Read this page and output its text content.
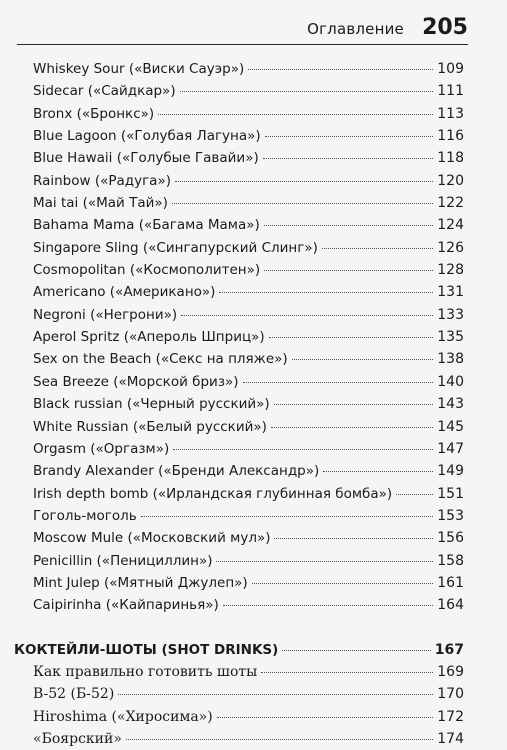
Оглавление 205
Whiskey Sour («Виски Сауэр»)	109
Sidecar («Сайдкар»)	111
Bronx («Бронкс»)	113
Blue Lagoon («Голубая Лагуна»)	116
Blue Hawaii («Голубые Гавайи»)	118
Rainbow («Радуга»)	120
Mai tai («Май Тай»)	122
Bahama Mama («Багама Мама»)	124
Singapore Sling («Сингапурский Слинг»)	126
Cosmopolitan («Космополитен»)	128
Americano («Американо»)	131
Negroni («Негрони»)	133
Aperol Spritz («Апероль Шприц»)	135
Sex on the Beach («Секс на пляже»)	138
Sea Breeze («Морской бриз»)	140
Black russian («Черный русский»)	143
White Russian («Белый русский»)	145
Orgasm («Оргазм»)	147
Brandy Alexander («Бренди Александр»)	149
Irish depth bomb («Ирландская глубинная бомба»)	151
Гоголь-моголь	153
Moscow Mule («Московский мул»)	156
Penicillin («Пенициллин»)	158
Mint Julep («Мятный Джулеп»)	161
Caipirinha («Кайпаринья»)	164
КОКТЕЙЛИ-ШОТЫ (SHOT DRINKS)	167
Как правильно готовить шоты	169
B-52 (Б-52)	170
Hiroshima («Хиросима»)	172
«Боярский»	174
